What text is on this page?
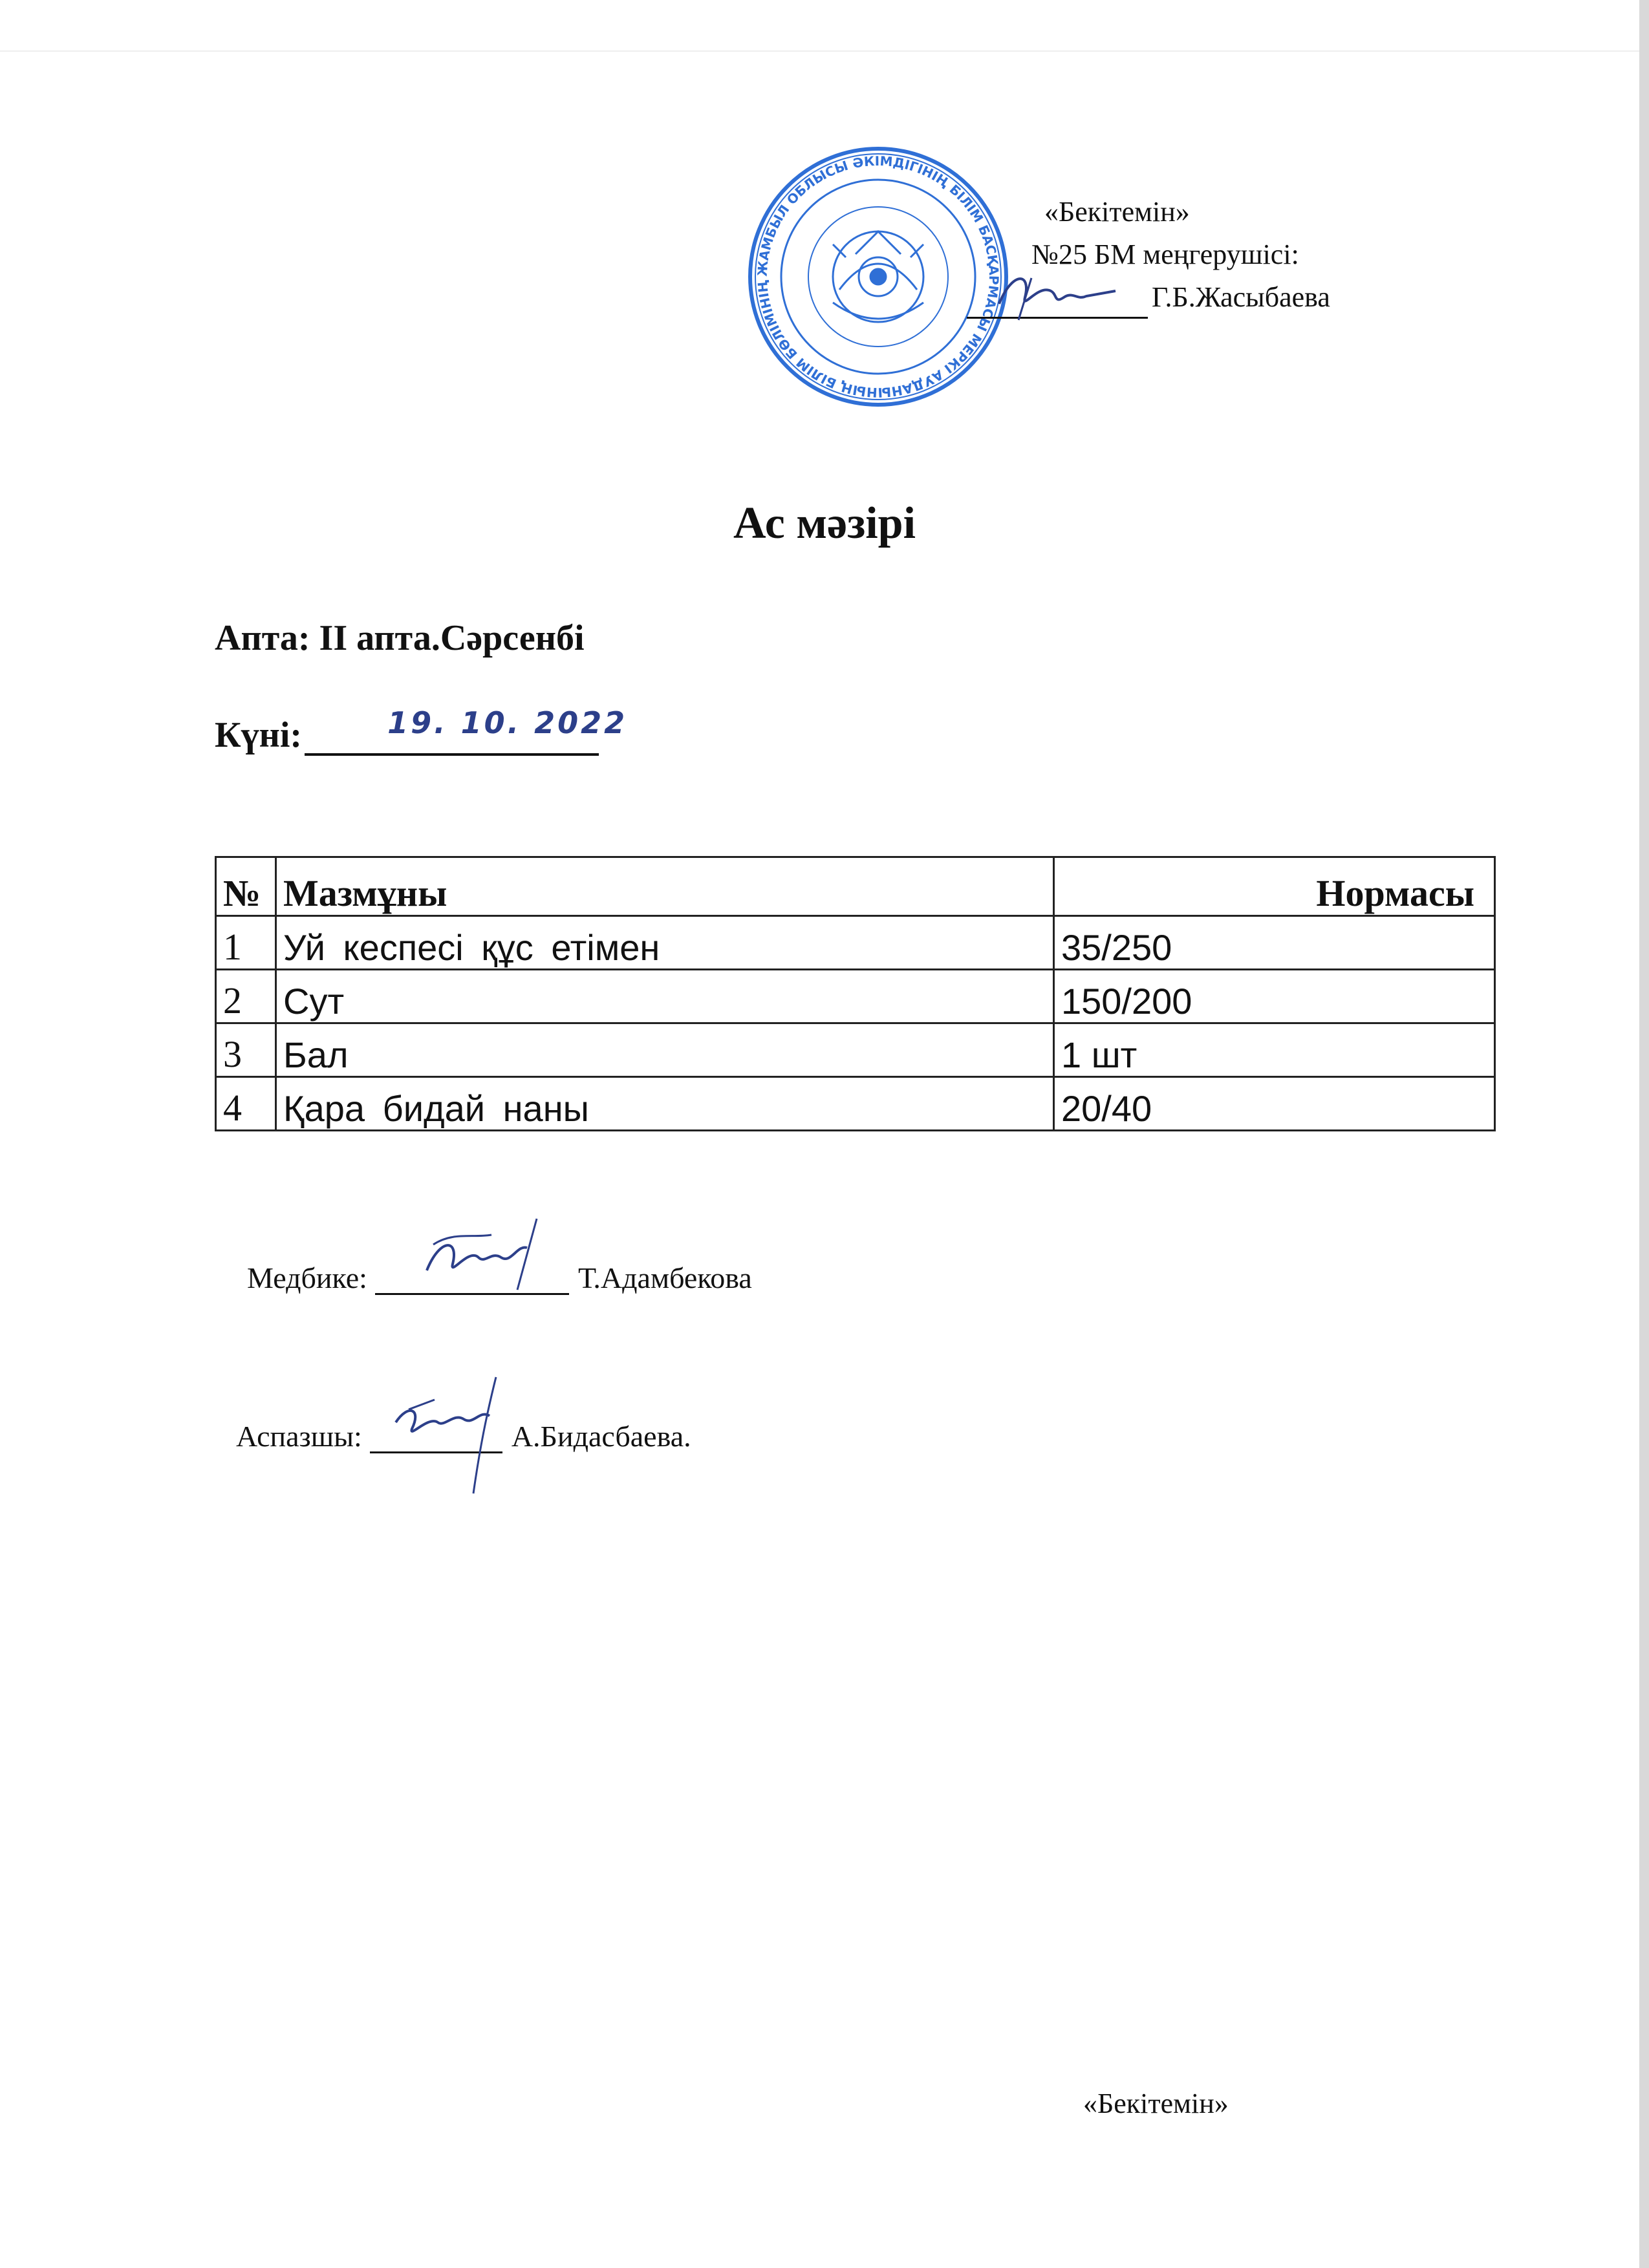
ЖАМБЫЛ ОБЛЫСЫ ӘКІМДІГІНІҢ БІЛІМ БАСҚАРМАСЫ МЕРКІ АУДАНЫНЫҢ БІЛІМ БӨЛІМІНІҢ
«Бекітемін»
№25 БМ меңгерушісі:
Г.Б.Жасыбаева
Ас мәзірі
Апта: ІІ апта.Сәрсенбі
Күні:	19. 10. 2022
№	Мазмұны	Нормасы
1	Уй кеспесі құс етімен	35/250
2	Сут	150/200
3	Бал	1 шт
4	Қара бидай наны	20/40
Медбике:	Т.Адамбекова
Аспазшы:	А.Бидасбаева.
«Бекітемін»
